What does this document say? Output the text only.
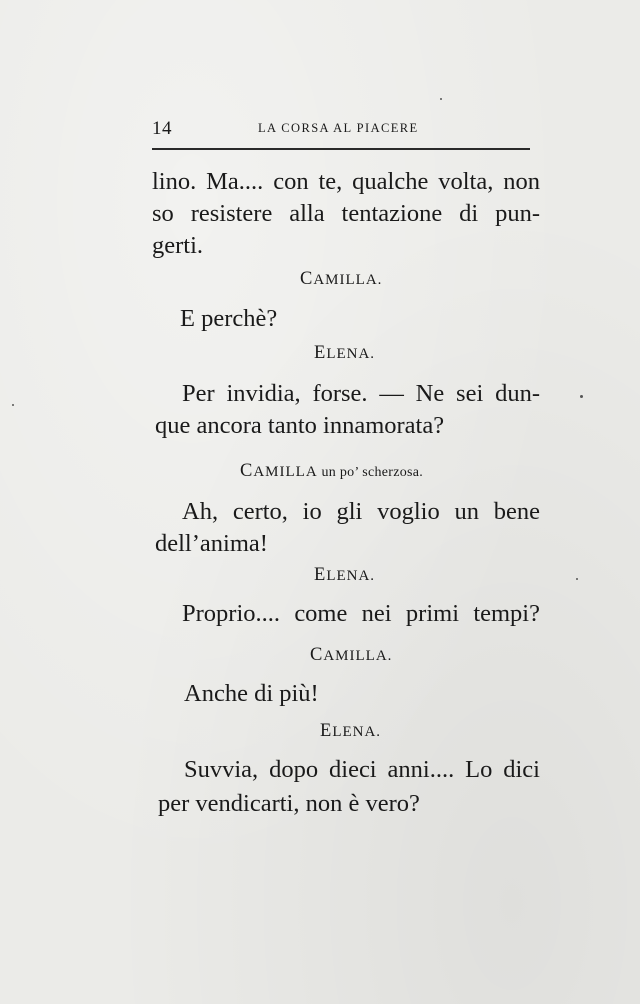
14	LA CORSA AL PIACERE
lino. Ma.... con te, qualche volta, non
so resistere alla tentazione di pun-
gerti.
CAMILLA.
E perchè?
ELENA.
Per invidia, forse. — Ne sei dun-
que ancora tanto innamorata?
CAMILLA un po’ scherzosa.
Ah, certo, io gli voglio un bene
dell’anima!
ELENA.
Proprio.... come nei primi tempi?
CAMILLA.
Anche di più!
ELENA.
Suvvia, dopo dieci anni.... Lo dici
per vendicarti, non è vero?
